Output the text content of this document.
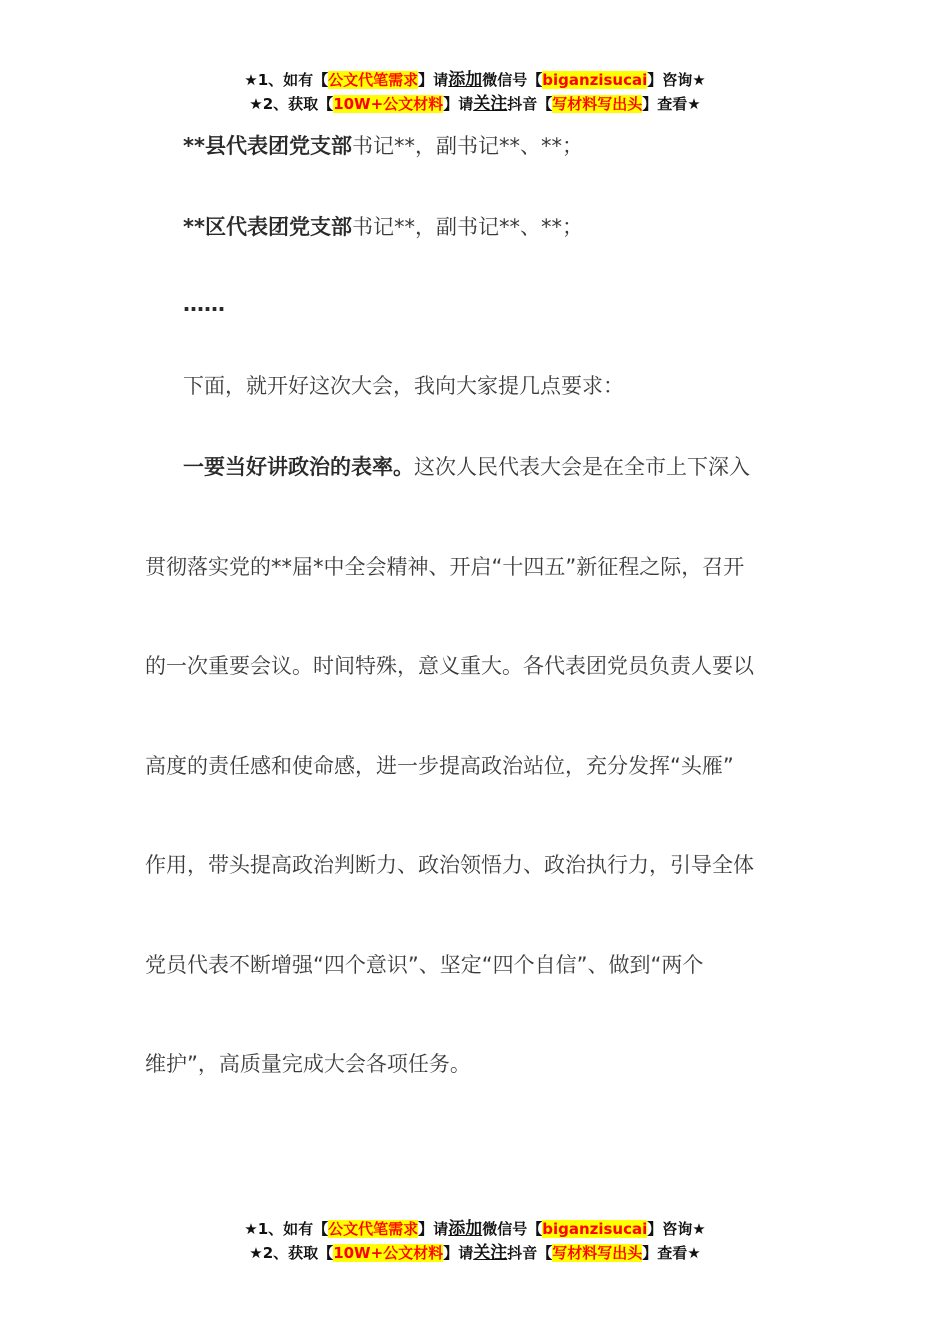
★1、如有【公文代笔需求】请添加微信号【biganzisucai】咨询★
★2、获取【10W+公文材料】请关注抖音【写材料写出头】查看★
**县代表团党支部书记**，副书记**、**；
**区代表团党支部书记**，副书记**、**；
……
下面，就开好这次大会，我向大家提几点要求：
一要当好讲政治的表率。这次人民代表大会是在全市上下深入
贯彻落实党的**届*中全会精神、开启“十四五”新征程之际，召开
的一次重要会议。时间特殊，意义重大。各代表团党员负责人要以
高度的责任感和使命感，进一步提高政治站位，充分发挥“头雁”
作用，带头提高政治判断力、政治领悟力、政治执行力，引导全体
党员代表不断增强“四个意识”、坚定“四个自信”、做到“两个
维护”，高质量完成大会各项任务。
★1、如有【公文代笔需求】请添加微信号【biganzisucai】咨询★
★2、获取【10W+公文材料】请关注抖音【写材料写出头】查看★
